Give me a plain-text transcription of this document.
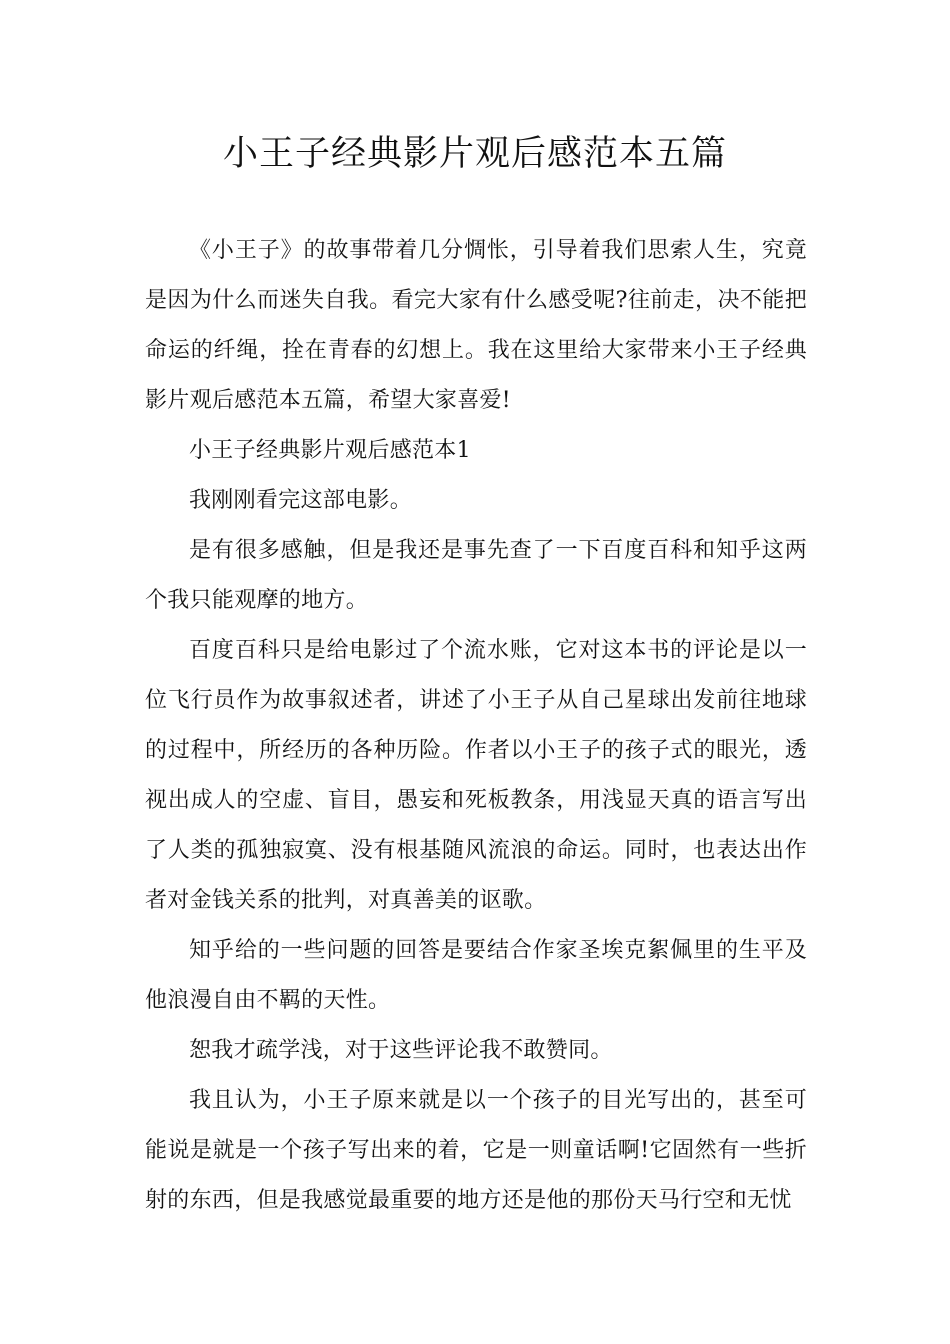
小王子经典影片观后感范本五篇

《小王子》的故事带着几分惆怅，引导着我们思索人生，究竟是因为什么而迷失自我。看完大家有什么感受呢?往前走，决不能把命运的纤绳，拴在青春的幻想上。我在这里给大家带来小王子经典影片观后感范本五篇，希望大家喜爱!

小王子经典影片观后感范本1

我刚刚看完这部电影。

是有很多感触，但是我还是事先查了一下百度百科和知乎这两个我只能观摩的地方。

百度百科只是给电影过了个流水账，它对这本书的评论是以一位飞行员作为故事叙述者，讲述了小王子从自己星球出发前往地球的过程中，所经历的各种历险。作者以小王子的孩子式的眼光，透视出成人的空虚、盲目，愚妄和死板教条，用浅显天真的语言写出了人类的孤独寂寞、没有根基随风流浪的命运。同时，也表达出作者对金钱关系的批判，对真善美的讴歌。

知乎给的一些问题的回答是要结合作家圣埃克絮佩里的生平及他浪漫自由不羁的天性。

恕我才疏学浅，对于这些评论我不敢赞同。

我且认为，小王子原来就是以一个孩子的目光写出的，甚至可能说是就是一个孩子写出来的着，它是一则童话啊!它固然有一些折射的东西，但是我感觉最重要的地方还是他的那份天马行空和无忧
